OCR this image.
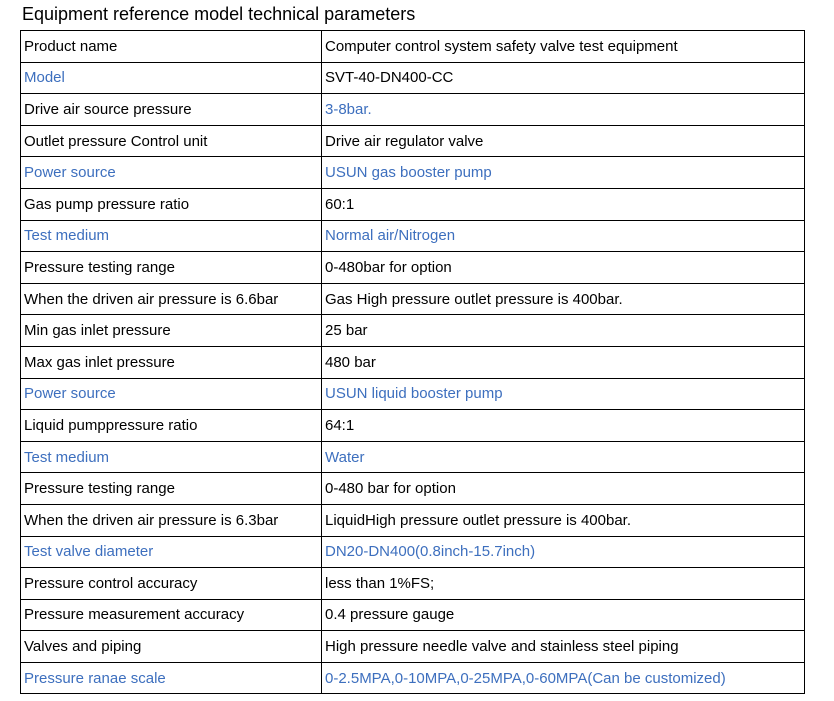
Equipment reference model technical parameters
Product name	Computer control system safety valve test equipment
Model	SVT-40-DN400-CC
Drive air source pressure	3-8bar.
Outlet pressure Control unit	Drive air regulator valve
Power source	USUN gas booster pump
Gas pump pressure ratio	60:1
Test medium	Normal air/Nitrogen
Pressure testing range	0-480bar for option
When the driven air pressure is 6.6bar	Gas High pressure outlet pressure is 400bar.
Min gas inlet pressure	25 bar
Max gas inlet pressure	480 bar
Power source	USUN liquid booster pump
Liquid pumppressure ratio	64:1
Test medium	Water
Pressure testing range	0-480 bar for option
When the driven air pressure is 6.3bar	LiquidHigh pressure outlet pressure is 400bar.
Test valve diameter	DN20-DN400(0.8inch-15.7inch)
Pressure control accuracy	less than 1%FS;
Pressure measurement accuracy	0.4 pressure gauge
Valves and piping	High pressure needle valve and stainless steel piping
Pressure ranae scale	0-2.5MPA,0-10MPA,0-25MPA,0-60MPA(Can be customized)
